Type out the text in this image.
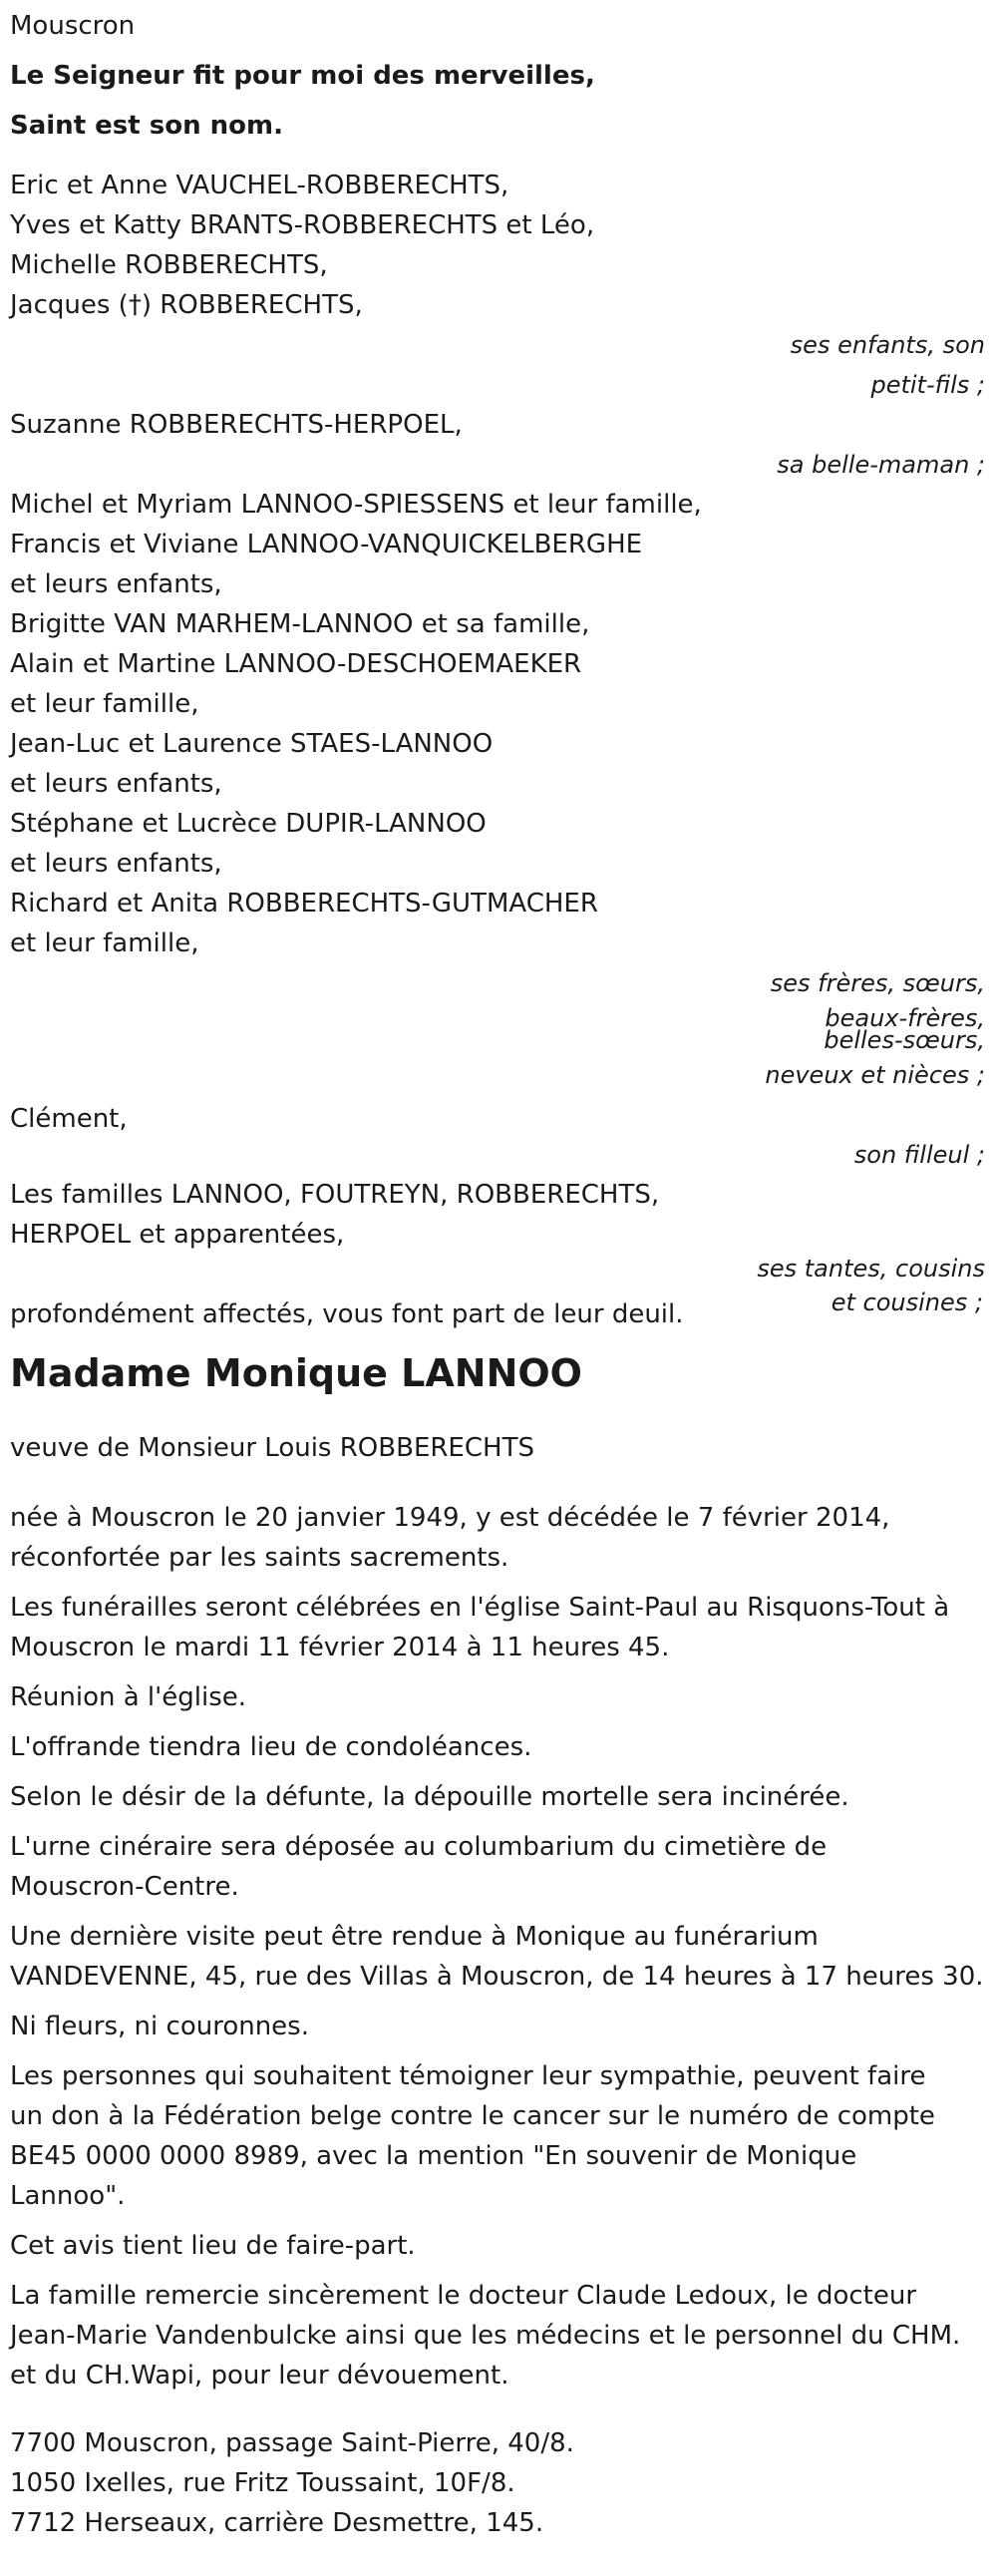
Mouscron
Le Seigneur fit pour moi des merveilles,
Saint est son nom.
Eric et Anne VAUCHEL-ROBBERECHTS,
Yves et Katty BRANTS-ROBBERECHTS et Léo,
Michelle ROBBERECHTS,
Jacques (†) ROBBERECHTS,
ses enfants, son
petit-fils ;
Suzanne ROBBERECHTS-HERPOEL,
sa belle-maman ;
Michel et Myriam LANNOO-SPIESSENS et leur famille,
Francis et Viviane LANNOO-VANQUICKELBERGHE
et leurs enfants,
Brigitte VAN MARHEM-LANNOO et sa famille,
Alain et Martine LANNOO-DESCHOEMAEKER
et leur famille,
Jean-Luc et Laurence STAES-LANNOO
et leurs enfants,
Stéphane et Lucrèce DUPIR-LANNOO
et leurs enfants,
Richard et Anita ROBBERECHTS-GUTMACHER
et leur famille,
ses frères, sœurs,
beaux-frères,
belles-sœurs,
neveux et nièces ;
Clément,
son filleul ;
Les familles LANNOO, FOUTREYN, ROBBERECHTS,
HERPOEL et apparentées,
ses tantes, cousins
profondément affectés, vous font part de leur deuil.	et cousines ;
Madame Monique LANNOO
veuve de Monsieur Louis ROBBERECHTS
née à Mouscron le 20 janvier 1949, y est décédée le 7 février 2014,
réconfortée par les saints sacrements.
Les funérailles seront célébrées en l'église Saint-Paul au Risquons-Tout à
Mouscron le mardi 11 février 2014 à 11 heures 45.
Réunion à l'église.
L'offrande tiendra lieu de condoléances.
Selon le désir de la défunte, la dépouille mortelle sera incinérée.
L'urne cinéraire sera déposée au columbarium du cimetière de
Mouscron-Centre.
Une dernière visite peut être rendue à Monique au funérarium
VANDEVENNE, 45, rue des Villas à Mouscron, de 14 heures à 17 heures 30.
Ni fleurs, ni couronnes.
Les personnes qui souhaitent témoigner leur sympathie, peuvent faire
un don à la Fédération belge contre le cancer sur le numéro de compte
BE45 0000 0000 8989, avec la mention "En souvenir de Monique
Lannoo".
Cet avis tient lieu de faire-part.
La famille remercie sincèrement le docteur Claude Ledoux, le docteur
Jean-Marie Vandenbulcke ainsi que les médecins et le personnel du CHM.
et du CH.Wapi, pour leur dévouement.
7700 Mouscron, passage Saint-Pierre, 40/8.
1050 Ixelles, rue Fritz Toussaint, 10F/8.
7712 Herseaux, carrière Desmettre, 145.
